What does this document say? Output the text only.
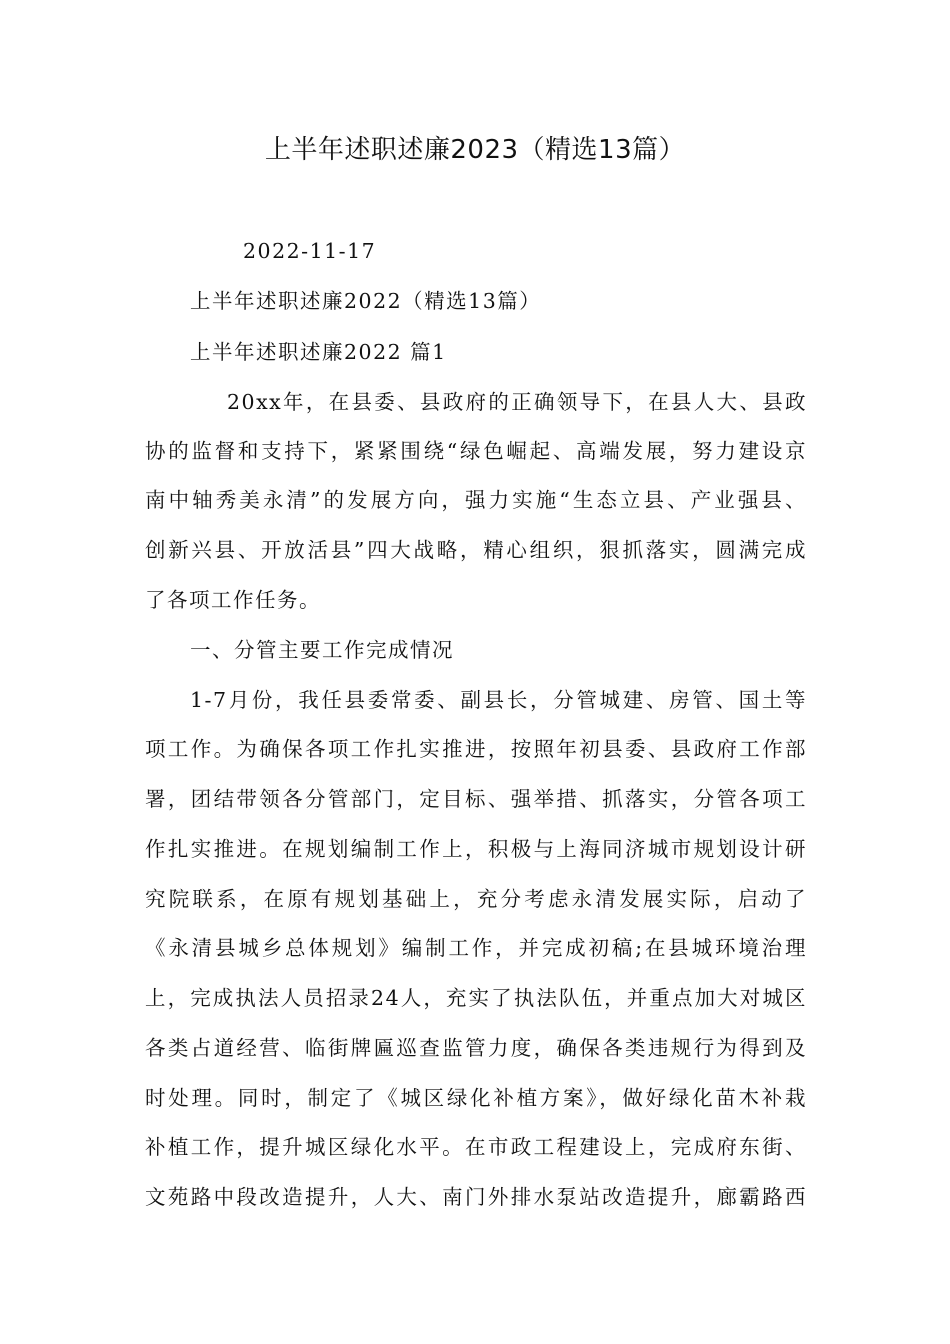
上半年述职述廉2023（精选13篇）
2022-11-17
上半年述职述廉2022（精选13篇）
上半年述职述廉2022 篇1
20xx年，在县委、县政府的正确领导下，在县人大、县政
协的监督和支持下，紧紧围绕“绿色崛起、高端发展，努力建设京
南中轴秀美永清”的发展方向，强力实施“生态立县、产业强县、
创新兴县、开放活县”四大战略，精心组织，狠抓落实，圆满完成
了各项工作任务。
一、分管主要工作完成情况
1-7月份，我任县委常委、副县长，分管城建、房管、国土等
项工作。为确保各项工作扎实推进，按照年初县委、县政府工作部
署，团结带领各分管部门，定目标、强举措、抓落实，分管各项工
作扎实推进。在规划编制工作上，积极与上海同济城市规划设计研
究院联系，在原有规划基础上，充分考虑永清发展实际，启动了
《永清县城乡总体规划》编制工作，并完成初稿;在县城环境治理
上，完成执法人员招录24人，充实了执法队伍，并重点加大对城区
各类占道经营、临街牌匾巡查监管力度，确保各类违规行为得到及
时处理。同时，制定了《城区绿化补植方案》，做好绿化苗木补栽
补植工作，提升城区绿化水平。在市政工程建设上，完成府东街、
文苑路中段改造提升，人大、南门外排水泵站改造提升，廊霸路西
